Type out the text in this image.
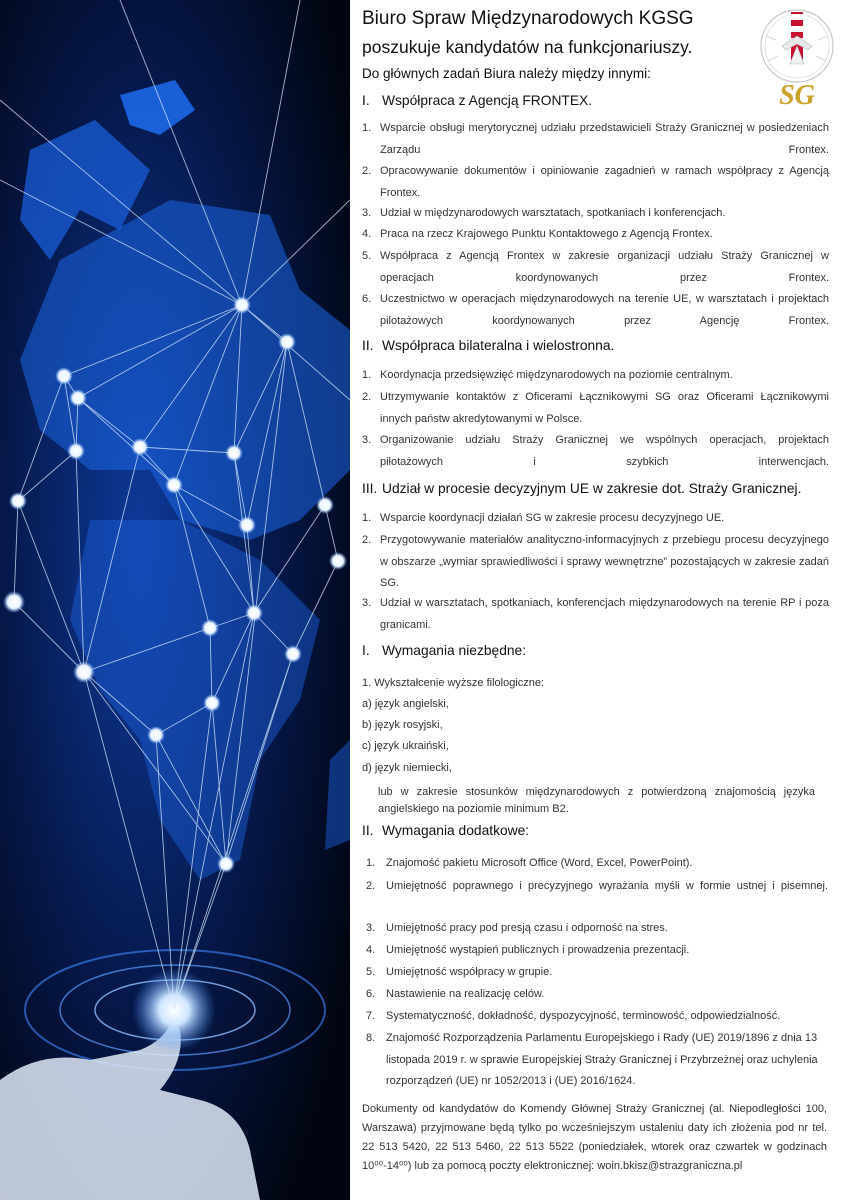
Biuro Spraw Międzynarodowych KGSG
poszukuje kandydatów na funkcjonariuszy.
Do głównych zadań Biura należy między innymi:
SG
I. Współpraca z Agencją FRONTEX.
1. Wsparcie obsługi merytorycznej udziału przedstawicieli Straży Granicznej w posiedzeniach Zarządu Frontex.
2. Opracowywanie dokumentów i opiniowanie zagadnień w ramach współpracy z Agencją Frontex.
3. Udział w międzynarodowych warsztatach, spotkaniach i konferencjach.
4. Praca na rzecz Krajowego Punktu Kontaktowego z Agencją Frontex.
5. Współpraca z Agencją Frontex w zakresie organizacji udziału Straży Granicznej w operacjach koordynowanych przez Frontex.
6. Uczestnictwo w operacjach międzynarodowych na terenie UE, w warsztatach i projektach pilotażowych koordynowanych przez Agencję Frontex.
II. Współpraca bilateralna i wielostronna.
1. Koordynacja przedsięwzięć międzynarodowych na poziomie centralnym.
2. Utrzymywanie kontaktów z Oficerami Łącznikowymi SG oraz Oficerami Łącznikowymi innych państw akredytowanymi w Polsce.
3. Organizowanie udziału Straży Granicznej we wspólnych operacjach, projektach pilotażowych i szybkich interwencjach.
III. Udział w procesie decyzyjnym UE w zakresie dot. Straży Granicznej.
1. Wsparcie koordynacji działań SG w zakresie procesu decyzyjnego UE.
2. Przygotowywanie materiałów analityczno-informacyjnych z przebiegu procesu decyzyjnego w obszarze „wymiar sprawiedliwości i sprawy wewnętrzne” pozostających w zakresie zadań SG.
3. Udział w warsztatach, spotkaniach, konferencjach międzynarodowych na terenie RP i poza granicami.
I. Wymagania niezbędne:
1. Wykształcenie wyższe filologiczne:
a) język angielski,
b) język rosyjski,
c) język ukraiński,
d) język niemiecki,
lub w zakresie stosunków międzynarodowych z potwierdzoną znajomością języka angielskiego na poziomie minimum B2.
II. Wymagania dodatkowe:
1. Znajomość pakietu Microsoft Office (Word, Excel, PowerPoint).
2. Umiejętność poprawnego i precyzyjnego wyrażania myśli w formie ustnej i pisemnej.
3. Umiejętność pracy pod presją czasu i odporność na stres.
4. Umiejętność wystąpień publicznych i prowadzenia prezentacji.
5. Umiejętność współpracy w grupie.
6. Nastawienie na realizację celów.
7. Systematyczność, dokładność, dyspozycyjność, terminowość, odpowiedzialność.
8. Znajomość Rozporządzenia Parlamentu Europejskiego i Rady (UE) 2019/1896 z dnia 13 listopada 2019 r. w sprawie Europejskiej Straży Granicznej i Przybrzeżnej oraz uchylenia rozporządzeń (UE) nr 1052/2013 i (UE) 2016/1624.
Dokumenty od kandydatów do Komendy Głównej Straży Granicznej (al. Niepodległości 100, Warszawa) przyjmowane będą tylko po wcześniejszym ustaleniu daty ich złożenia pod nr tel. 22 513 5420, 22 513 5460, 22 513 5522 (poniedziałek, wtorek oraz czwartek w godzinach 10⁰⁰-14⁰⁰) lub za pomocą poczty elektronicznej: woin.bkisz@strazgraniczna.pl
